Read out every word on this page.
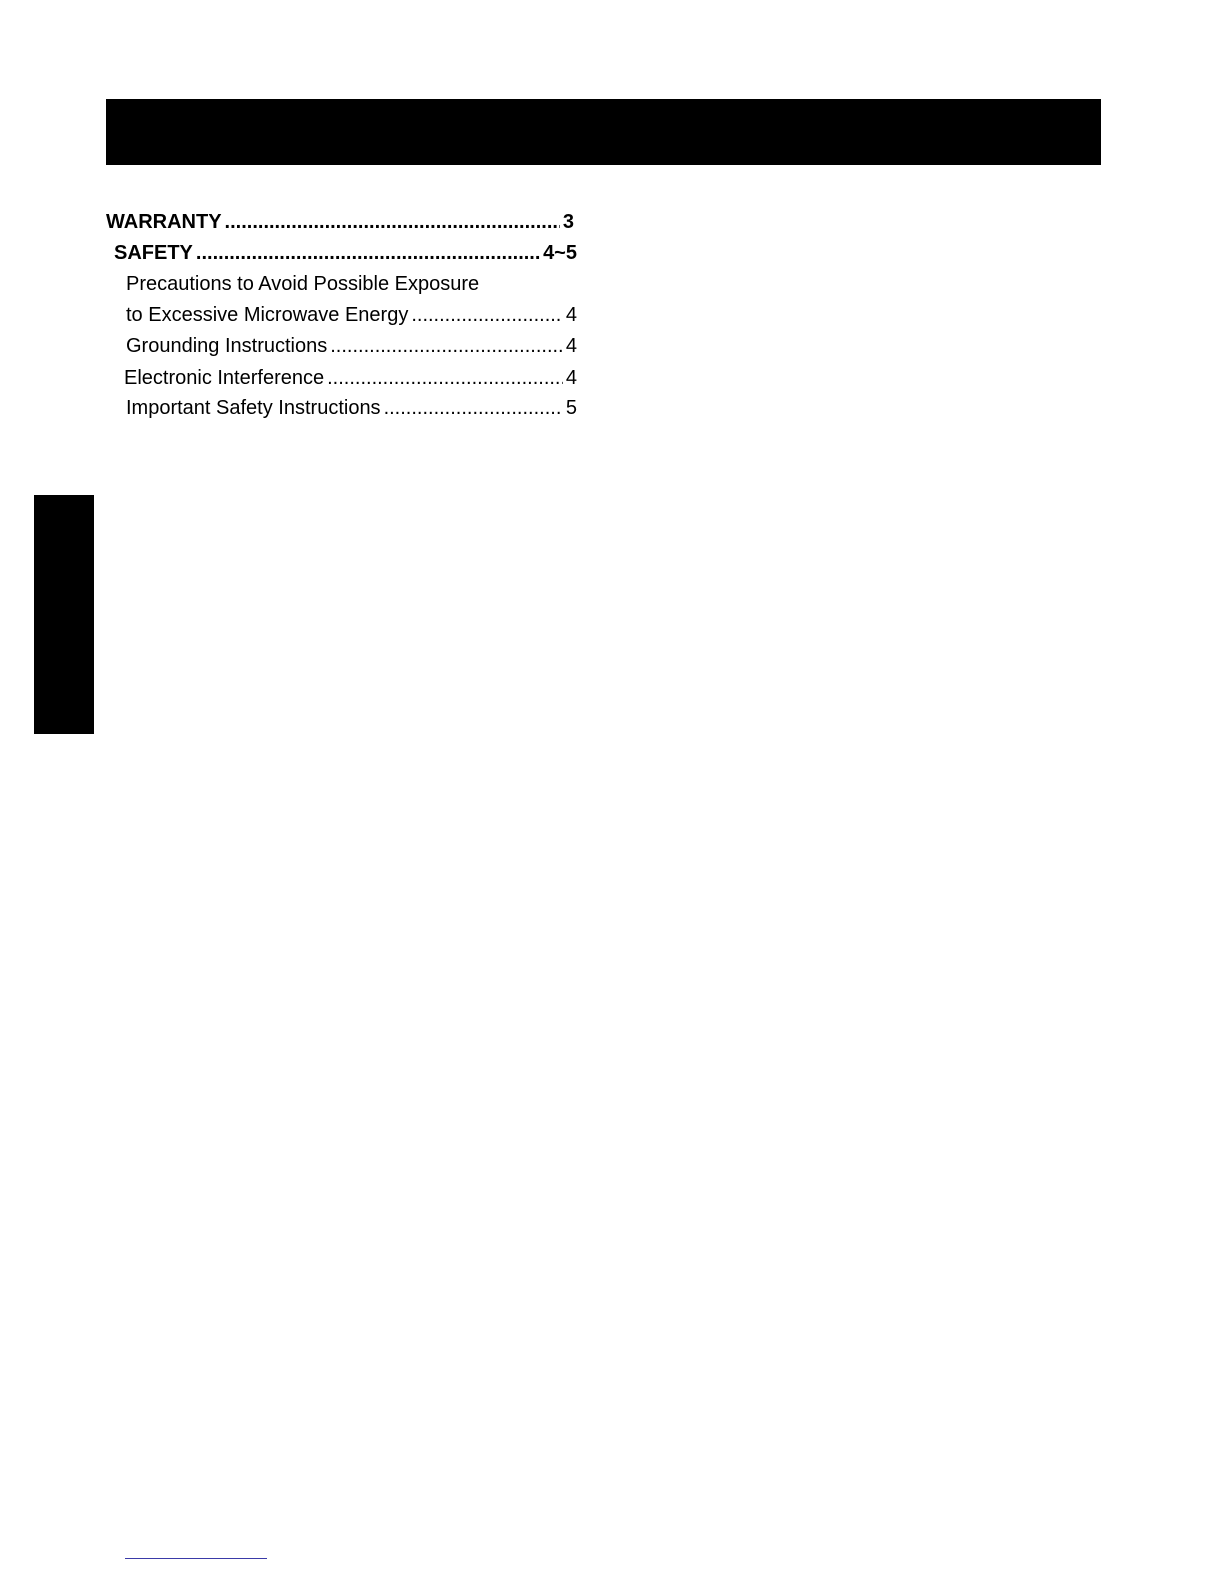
WARRANTY .....	3
SAFETY .....	4~5
Precautions to Avoid Possible Exposure
to Excessive Microwave Energy .....	4
Grounding Instructions .....	4
Electronic Interference .....	4
Important Safety Instructions .....	5
